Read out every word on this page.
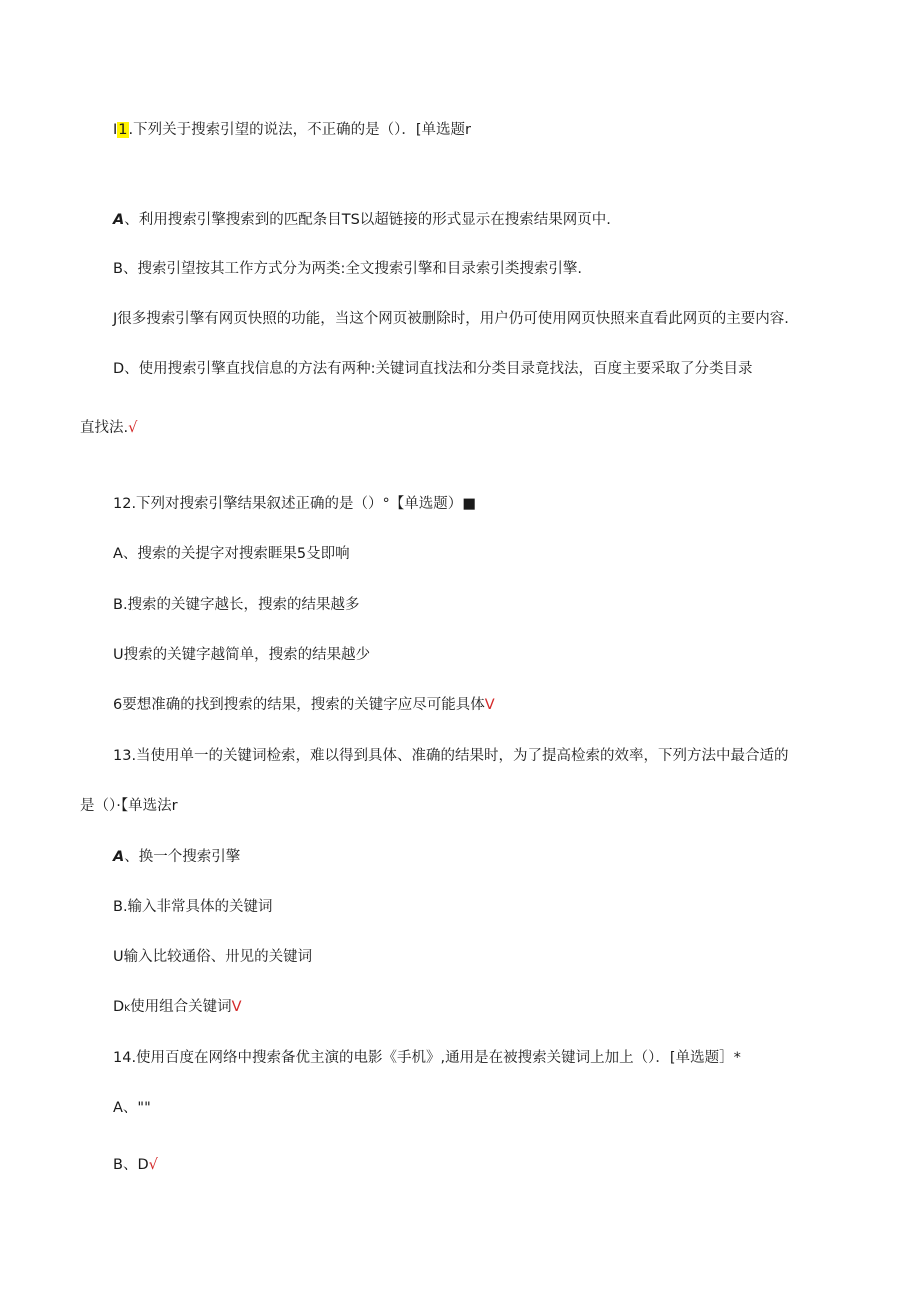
I1.下列关于搜索引望的说法，不正确的是（）．[单选题r
A、利用搜索引擎搜索到的匹配条目TS以超链接的形式显示在搜索结果网页中.
B、搜索引望按其工作方式分为两类:全文搜索引擎和目录索引类搜索引擎.
J很多搜索引擎有网页快照的功能，当这个网页被删除时，用户仍可使用网页快照来直看此网页的主要内容.
D、使用搜索引擎直找信息的方法有两种:关键词直找法和分类目录竟找法，百度主要采取了分类目录
直找法.√
12.下列对搜索引擎结果叙述正确的是（）°【单选题）■
A、搜索的关提字对搜索睚果5殳即响
B.搜索的关键字越长，搜索的结果越多
U搜索的关键字越简单，搜索的结果越少
6要想准确的找到搜索的结果，搜索的关键字应尽可能具体V
13.当使用单一的关键词检索，难以得到具体、准确的结果时，为了提高检索的效率，下列方法中最合适的
是（）·【单选法r
A、换一个搜索引擎
B.输入非常具体的关键词
U输入比较通俗、卅见的关键词
DK使用组合关键词V
14.使用百度在网络中搜索备优主演的电影《手机》,通用是在被搜索关键词上加上（）．[单选题］*
A、""
B、D√
